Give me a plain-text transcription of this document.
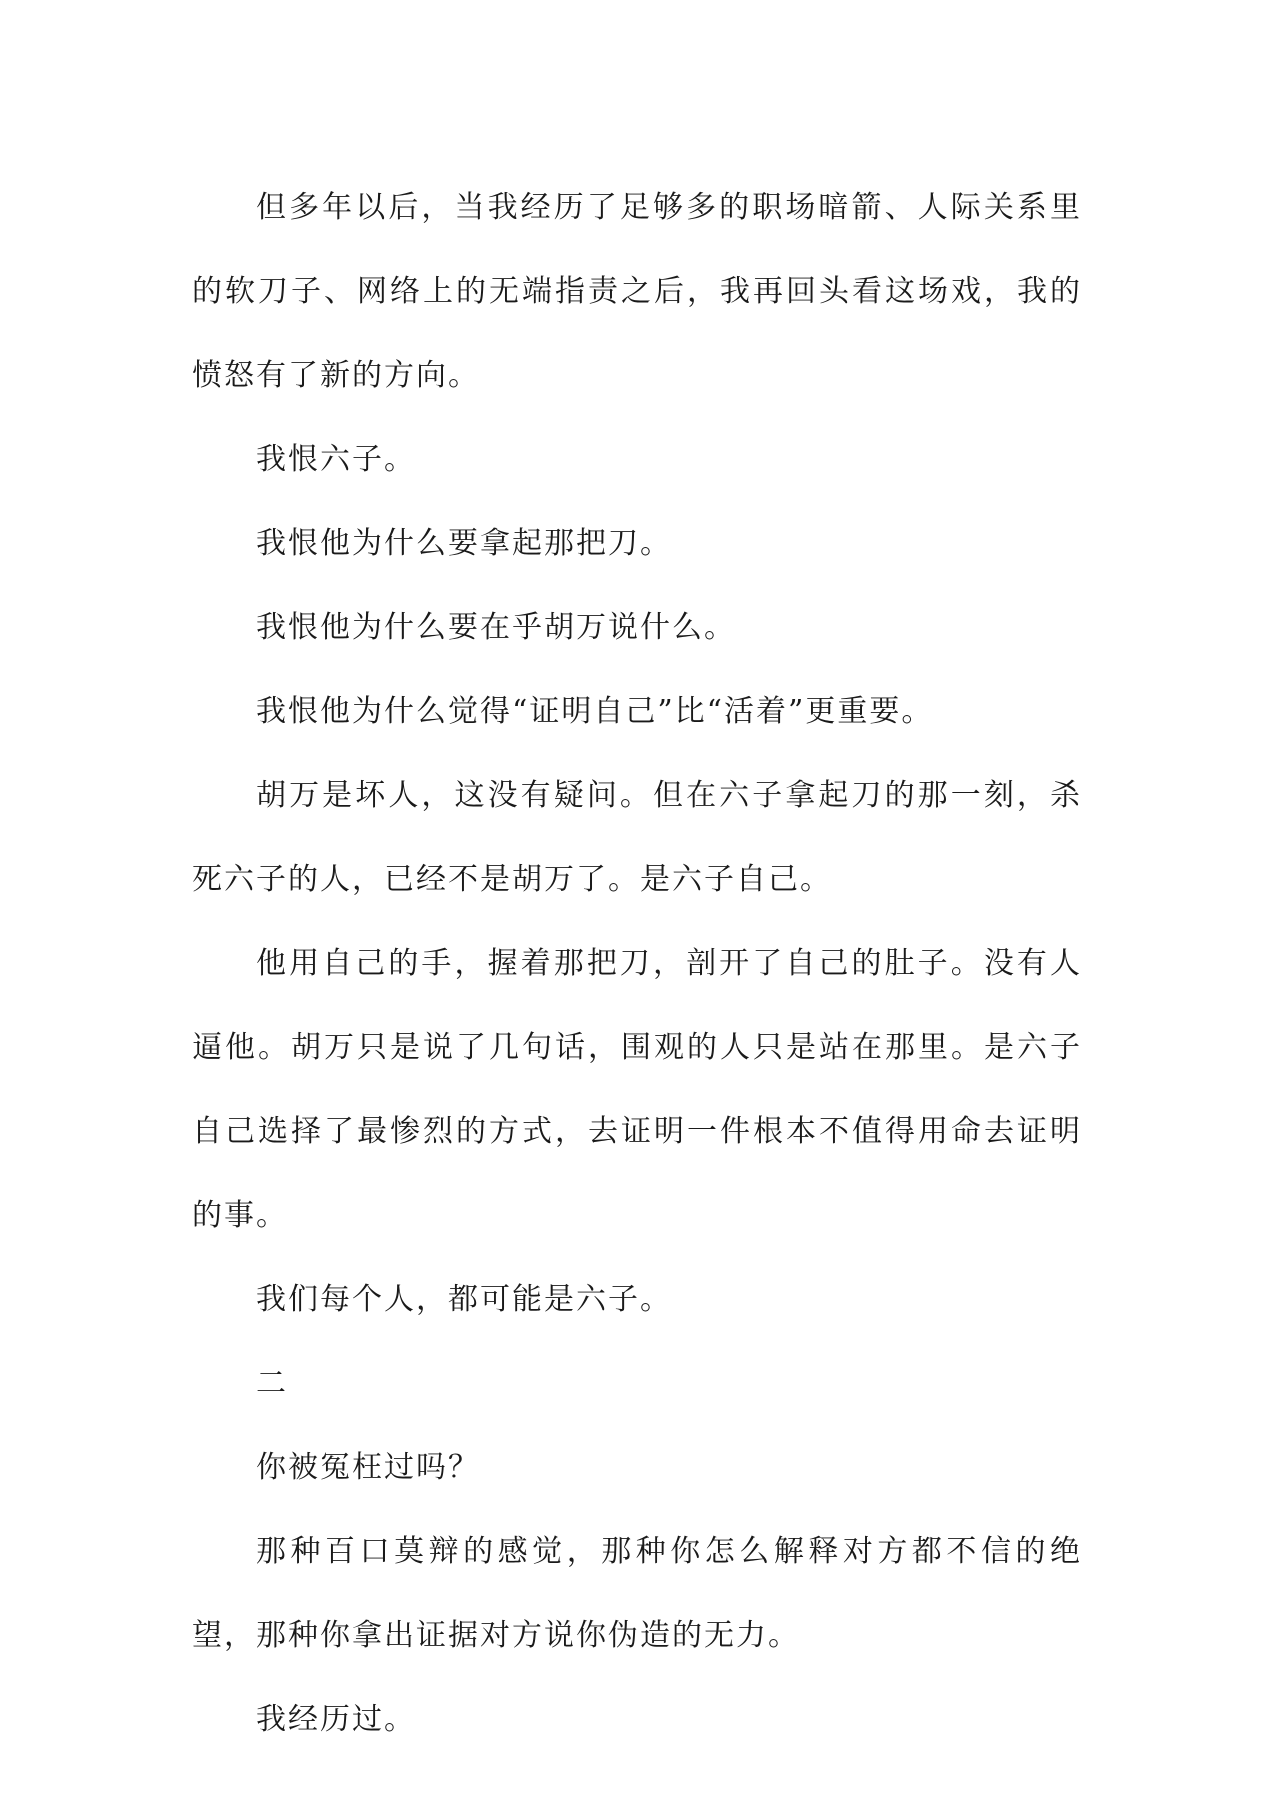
但多年以后，当我经历了足够多的职场暗箭、人际关系里的软刀子、网络上的无端指责之后，我再回头看这场戏，我的愤怒有了新的方向。

我恨六子。

我恨他为什么要拿起那把刀。

我恨他为什么要在乎胡万说什么。

我恨他为什么觉得“证明自己”比“活着”更重要。

胡万是坏人，这没有疑问。但在六子拿起刀的那一刻，杀死六子的人，已经不是胡万了。是六子自己。

他用自己的手，握着那把刀，剖开了自己的肚子。没有人逼他。胡万只是说了几句话，围观的人只是站在那里。是六子自己选择了最惨烈的方式，去证明一件根本不值得用命去证明的事。

我们每个人，都可能是六子。

二

你被冤枉过吗？

那种百口莫辩的感觉，那种你怎么解释对方都不信的绝望，那种你拿出证据对方说你伪造的无力。

我经历过。
